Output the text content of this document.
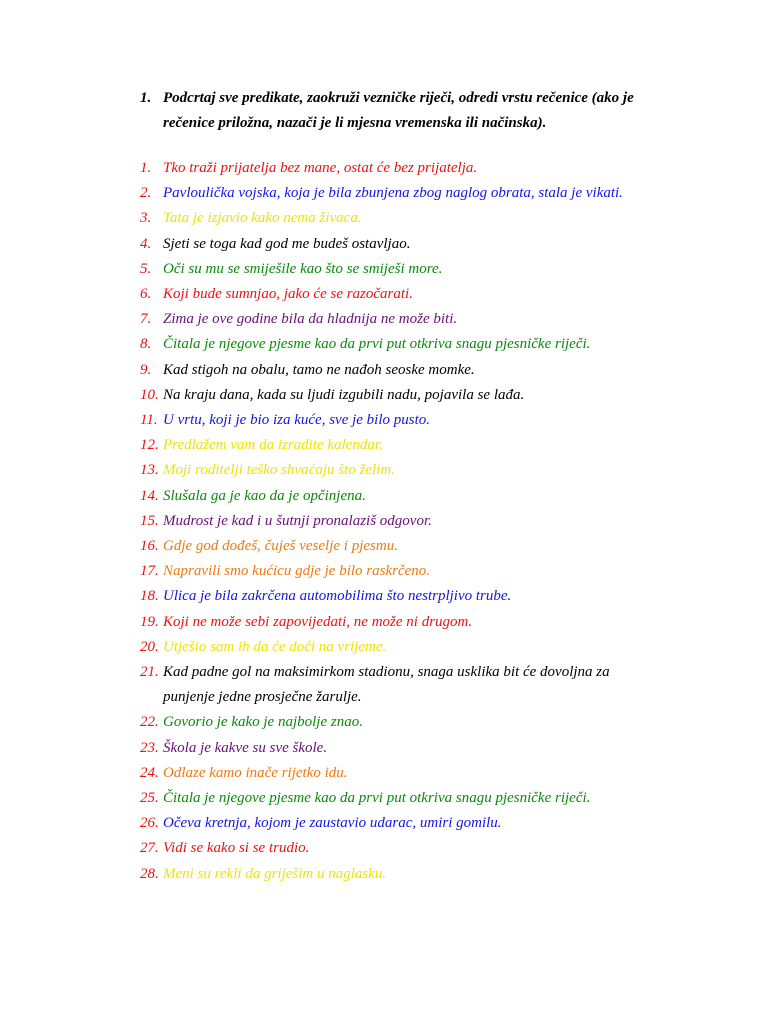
1. Podcrtaj sve predikate, zaokruži vezničke riječi, odredi vrstu rečenice (ako je rečenice priložna, nazači je li mjesna vremenska ili načinska).
1. Tko traži prijatelja bez mane, ostat će bez prijatelja.
2. Pavloulička vojska, koja je bila zbunjena zbog naglog obrata, stala je vikati.
3. Tata je izjavio kako nema živaca.
4. Sjeti se toga kad god me budeš ostavljao.
5. Oči su mu se smiješile kao što se smiješi more.
6. Koji bude sumnjao, jako će se razočarati.
7. Zima je ove godine bila da hladnija ne može biti.
8. Čitala je njegove pjesme kao da prvi put otkriva snagu pjesničke riječi.
9. Kad stigoh na obalu, tamo ne nađoh seoske momke.
10. Na kraju dana, kada su ljudi izgubili nadu, pojavila se lađa.
11. U vrtu, koji je bio iza kuće, sve je bilo pusto.
12. Predlažem vam da izradite kalendar.
13. Moji roditelji teško shvaćaju što želim.
14. Slušala ga je kao da je opčinjena.
15. Mudrost je kad i u šutnji pronalaziš odgovor.
16. Gdje god dođeš, čuješ veselje i pjesmu.
17. Napravili smo kućicu gdje je bilo raskrčeno.
18. Ulica je bila zakrčena automobilima što nestrpljivo trube.
19. Koji ne može sebi zapovijedati, ne može ni drugom.
20. Utješio sam ih da će doći na vrijeme.
21. Kad padne gol na maksimirkom stadionu, snaga usklika bit će dovoljna za punjenje jedne prosječne žarulje.
22. Govorio je kako je najbolje znao.
23. Škola je kakve su sve škole.
24. Odlaze kamo inače rijetko idu.
25. Čitala je njegove pjesme kao da prvi put otkriva snagu pjesničke riječi.
26. Očeva kretnja, kojom je zaustavio udarac, umiri gomilu.
27. Vidi se kako si se trudio.
28. Meni su rekli da griješim u naglasku.
